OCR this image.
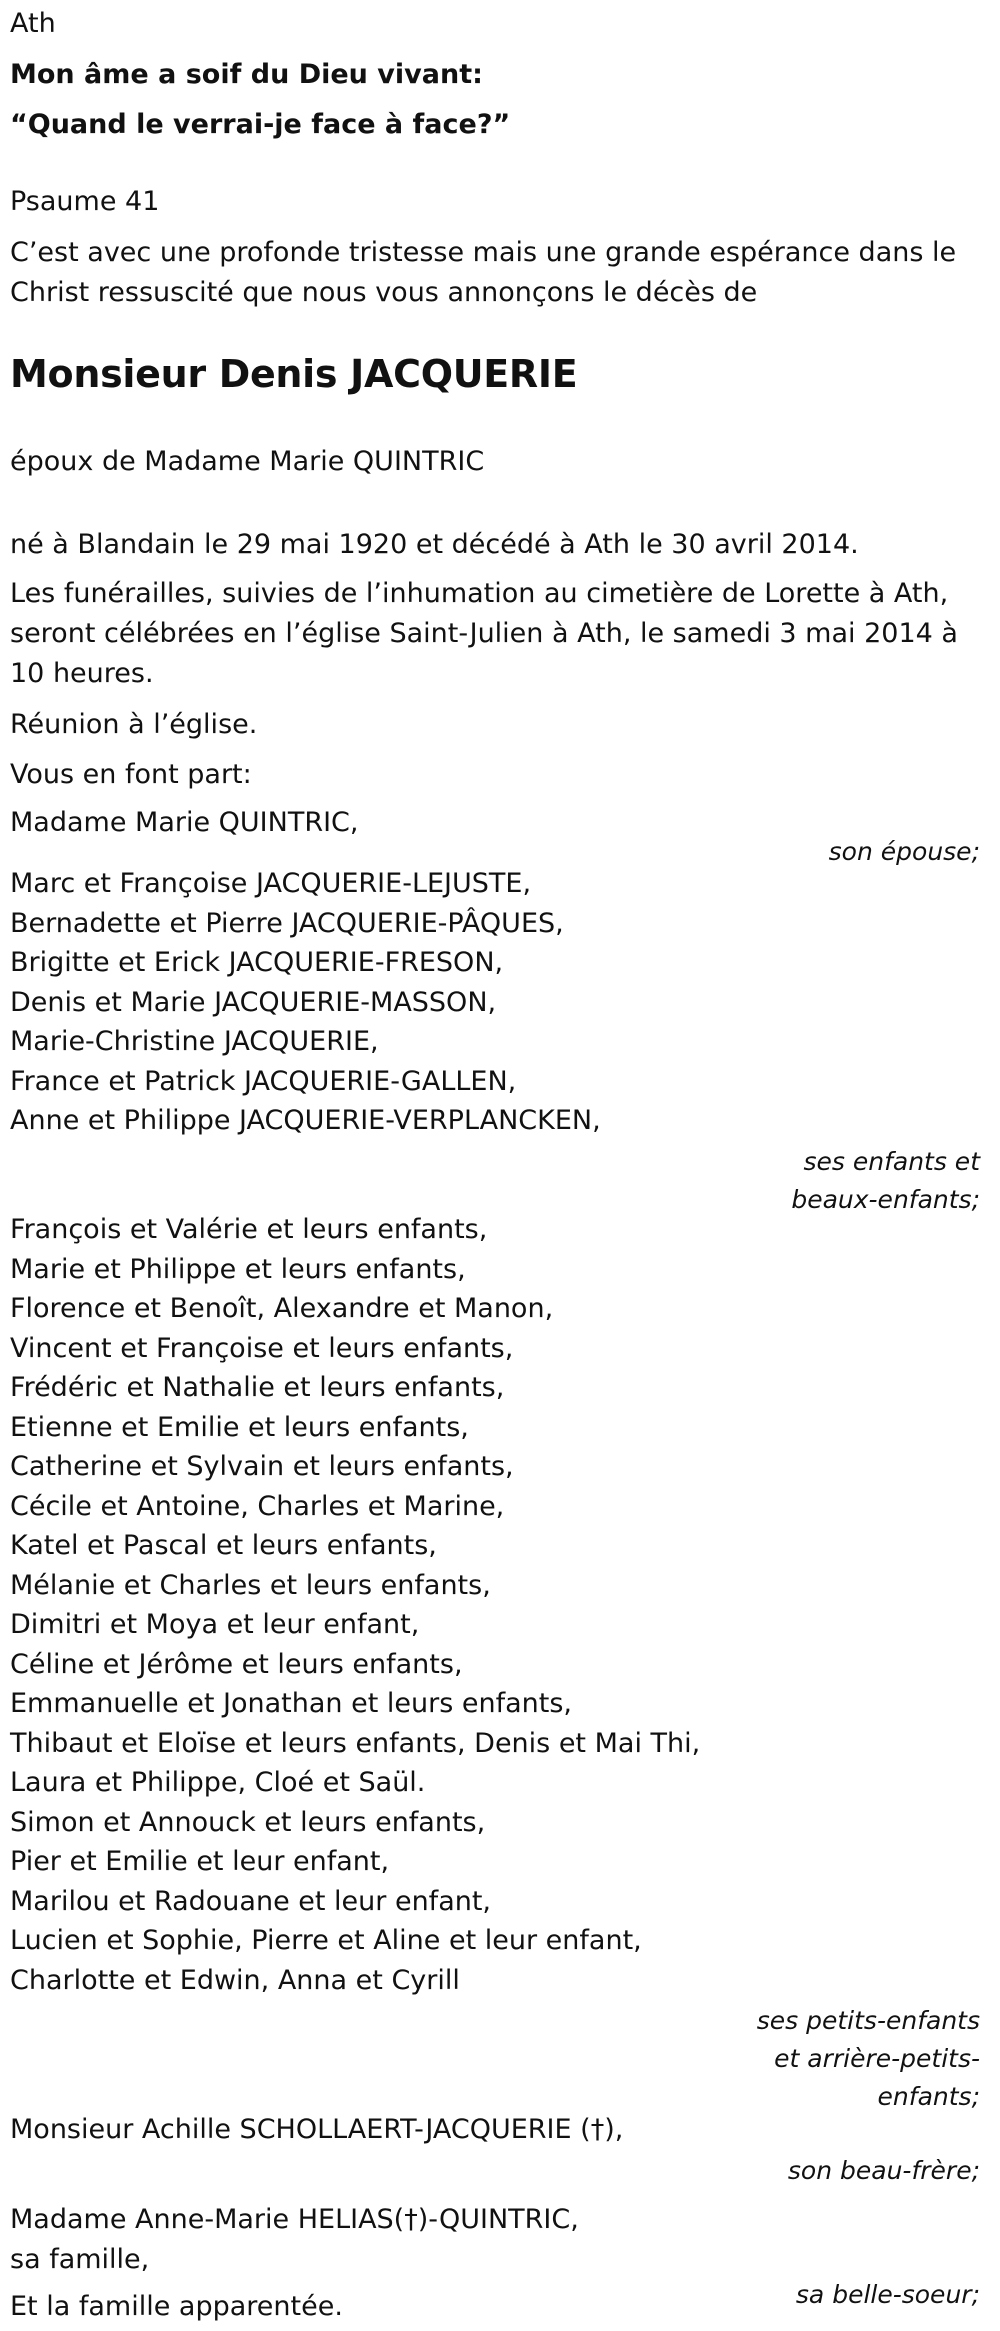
Ath
Mon âme a soif du Dieu vivant:
“Quand le verrai-je face à face?”
Psaume 41
C’est avec une profonde tristesse mais une grande espérance dans le Christ ressuscité que nous vous annonçons le décès de
Monsieur Denis JACQUERIE
époux de Madame Marie QUINTRIC
né à Blandain le 29 mai 1920 et décédé à Ath le 30 avril 2014.
Les funérailles, suivies de l’inhumation au cimetière de Lorette à Ath, seront célébrées en l’église Saint-Julien à Ath, le samedi 3 mai 2014 à 10 heures.
Réunion à l’église.
Vous en font part:
Madame Marie QUINTRIC,
son épouse;
Marc et Françoise JACQUERIE-LEJUSTE,
Bernadette et Pierre JACQUERIE-PÂQUES,
Brigitte et Erick JACQUERIE-FRESON,
Denis et Marie JACQUERIE-MASSON,
Marie-Christine JACQUERIE,
France et Patrick JACQUERIE-GALLEN,
Anne et Philippe JACQUERIE-VERPLANCKEN,
ses enfants et
beaux-enfants;
François et Valérie et leurs enfants,
Marie et Philippe et leurs enfants,
Florence et Benoît, Alexandre et Manon,
Vincent et Françoise et leurs enfants,
Frédéric et Nathalie et leurs enfants,
Etienne et Emilie et leurs enfants,
Catherine et Sylvain et leurs enfants,
Cécile et Antoine, Charles et Marine,
Katel et Pascal et leurs enfants,
Mélanie et Charles et leurs enfants,
Dimitri et Moya et leur enfant,
Céline et Jérôme et leurs enfants,
Emmanuelle et Jonathan et leurs enfants,
Thibaut et Eloïse et leurs enfants, Denis et Mai Thi,
Laura et Philippe, Cloé et Saül.
Simon et Annouck et leurs enfants,
Pier et Emilie et leur enfant,
Marilou et Radouane et leur enfant,
Lucien et Sophie, Pierre et Aline et leur enfant,
Charlotte et Edwin, Anna et Cyrill
ses petits-enfants
et arrière-petits-
enfants;
Monsieur Achille SCHOLLAERT-JACQUERIE (†),
son beau-frère;
Madame Anne-Marie HELIAS(†)-QUINTRIC,
sa famille,
sa belle-soeur;
Et la famille apparentée.
